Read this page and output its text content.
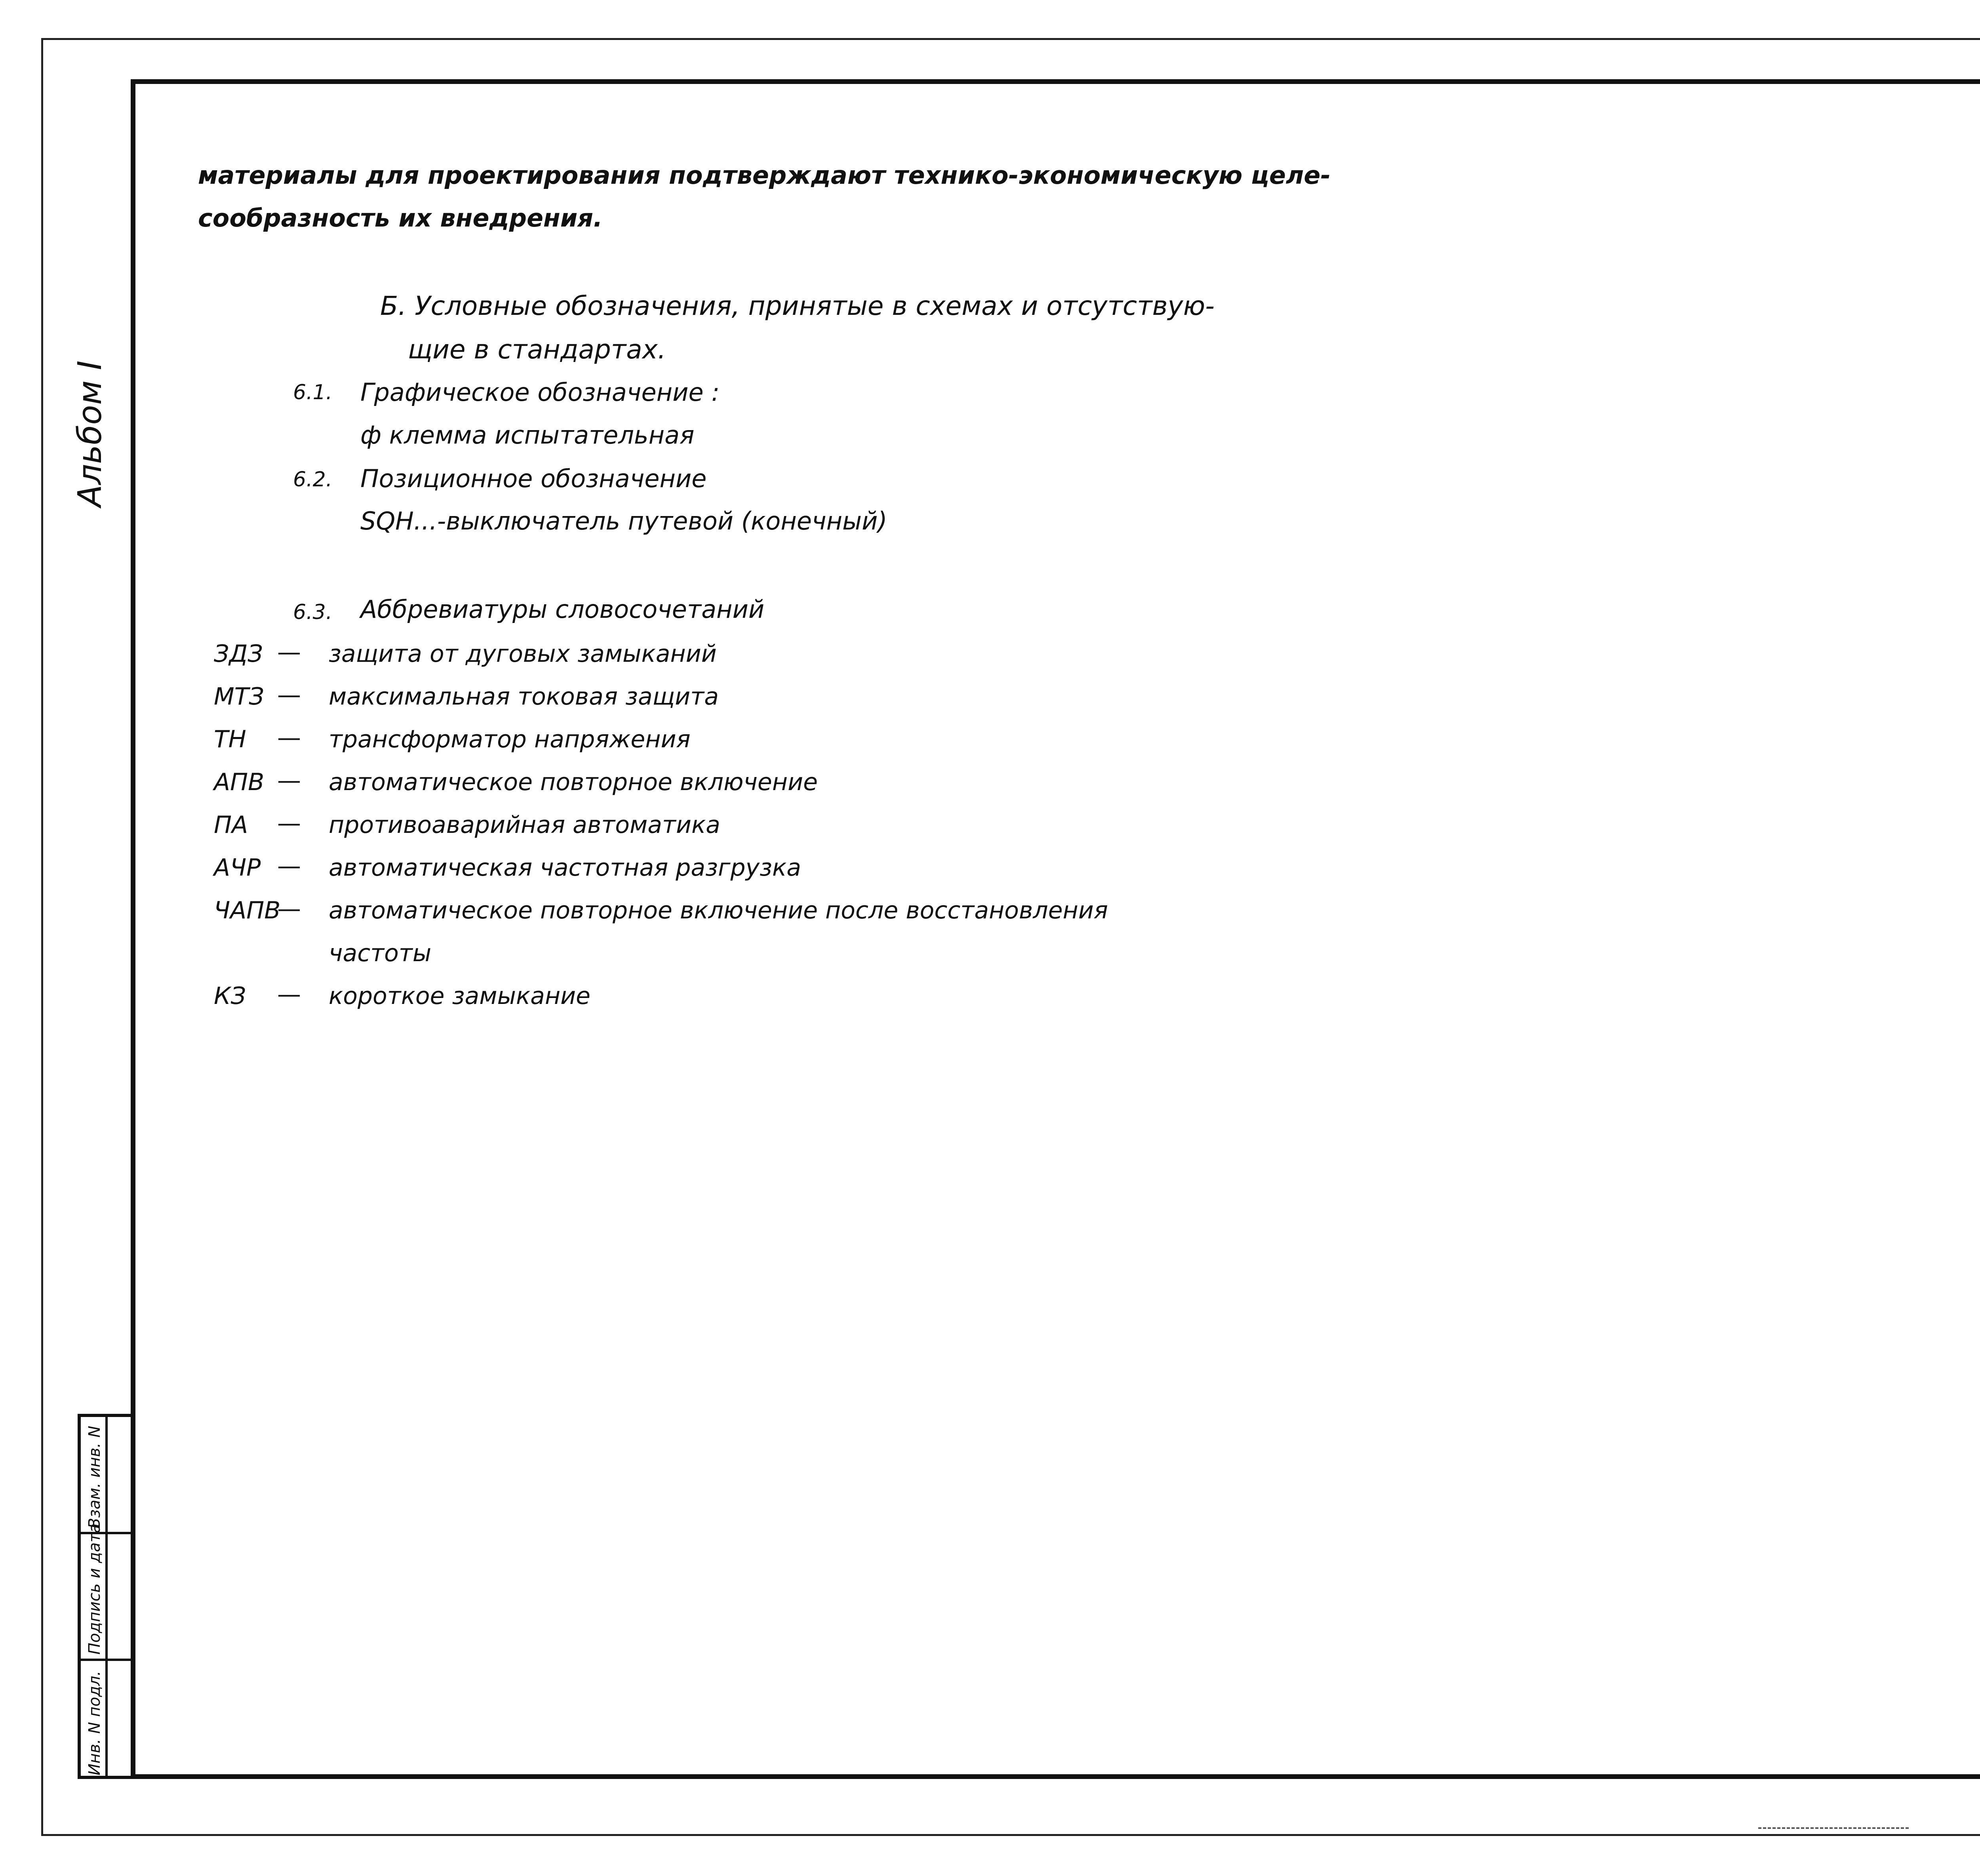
Альбом I
Инв. N подл.
Подпись и дата
Взам. инв. N
материалы для проектирования подтверждают технико-экономическую целе-
сообразность их внедрения.
Б. Условные обозначения, принятые в схемах и отсутствую-
щие в стандартах.
6.1. Графическое обозначение :
ф клемма испытательная
6.2. Позиционное обозначение
SQH...-выключатель путевой (конечный)
6.3. Аббревиатуры словосочетаний
ЗДЗ — защита от дуговых замыканий
МТЗ — максимальная токовая защита
ТН — трансформатор напряжения
АПВ — автоматическое повторное включение
ПА — противоаварийная автоматика
АЧР — автоматическая частотная разгрузка
ЧАПВ
— автоматическое повторное включение после восстановления
частоты
КЗ — короткое замыкание
